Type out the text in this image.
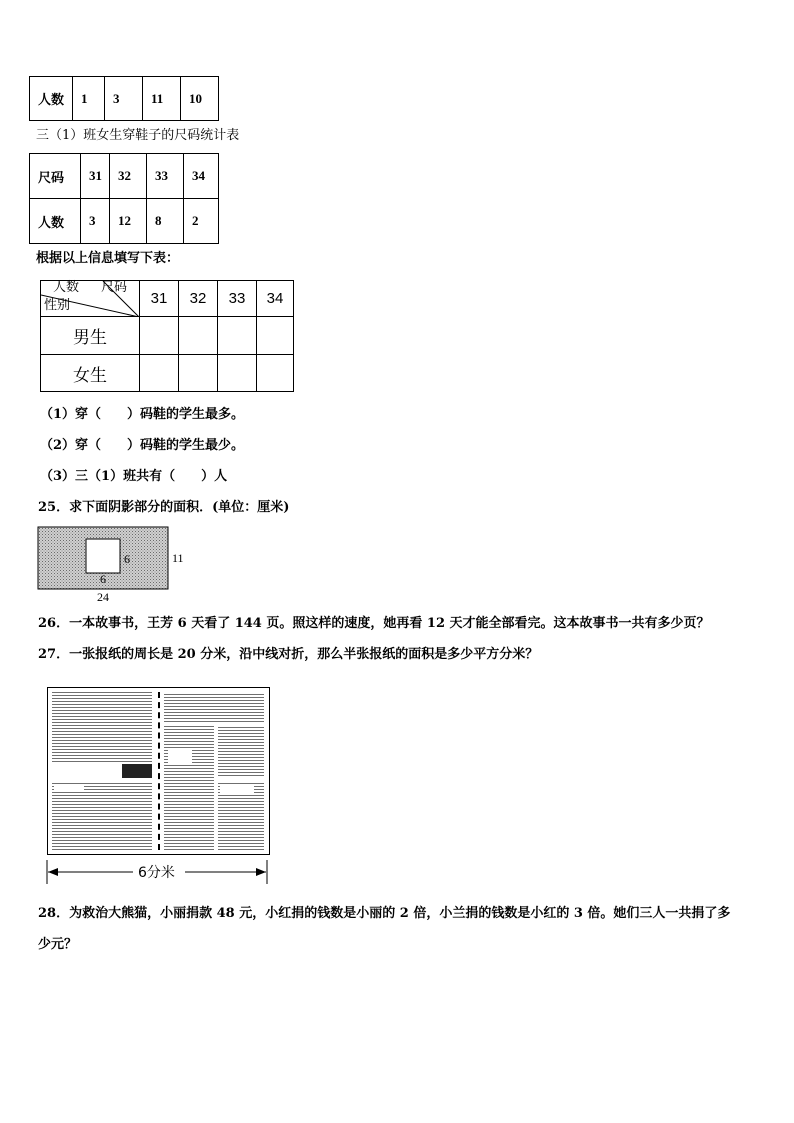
人数	1	3	11	10
三（1）班女生穿鞋子的尺码统计表
尺码	31	32	33	34
人数	3	12	8	2
根据以上信息填写下表：
人数 尺码
性别	31	32	33	34
男生				
女生				
（1）穿（　　）码鞋的学生最多。
（2）穿（　　）码鞋的学生最少。
（3）三（1）班共有（　　）人
25．求下面阴影部分的面积．(单位：厘米)
6
6
11
24
26．一本故事书，王芳 6 天看了 144 页。照这样的速度，她再看 12 天才能全部看完。这本故事书一共有多少页？
27．一张报纸的周长是 20 分米，沿中线对折，那么半张报纸的面积是多少平方分米？
6分米
28．为救治大熊猫，小丽捐款 48 元，小红捐的钱数是小丽的 2 倍，小兰捐的钱数是小红的 3 倍。她们三人一共捐了多
少元？
